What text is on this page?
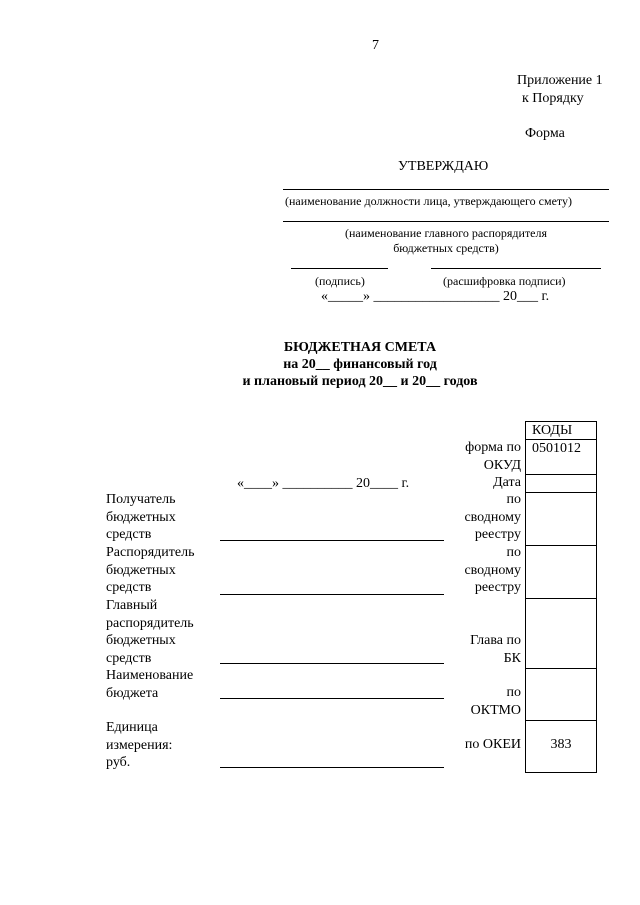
7
Приложение 1
к Порядку
Форма
УТВЕРЖДАЮ
(наименование должности лица, утверждающего смету)
(наименование главного распорядителя
бюджетных средств)
(подпись)	(расшифровка подписи)
«_____» __________________ 20___ г.
БЮДЖЕТНАЯ СМЕТА
на 20__ финансовый год
и плановый период 20__ и 20__ годов
«____» __________ 20____ г.
Получатель
бюджетных
средств
Распорядитель
бюджетных
средств
Главный
распорядитель
бюджетных
средств
Наименование
бюджета
Единица
измерения:
руб.
форма по
ОКУД
Дата
по
сводному
реестру
по
сводному
реестру
Глава по
БК
по
ОКТМО
по ОКЕИ
КОДЫ
0501012
383
